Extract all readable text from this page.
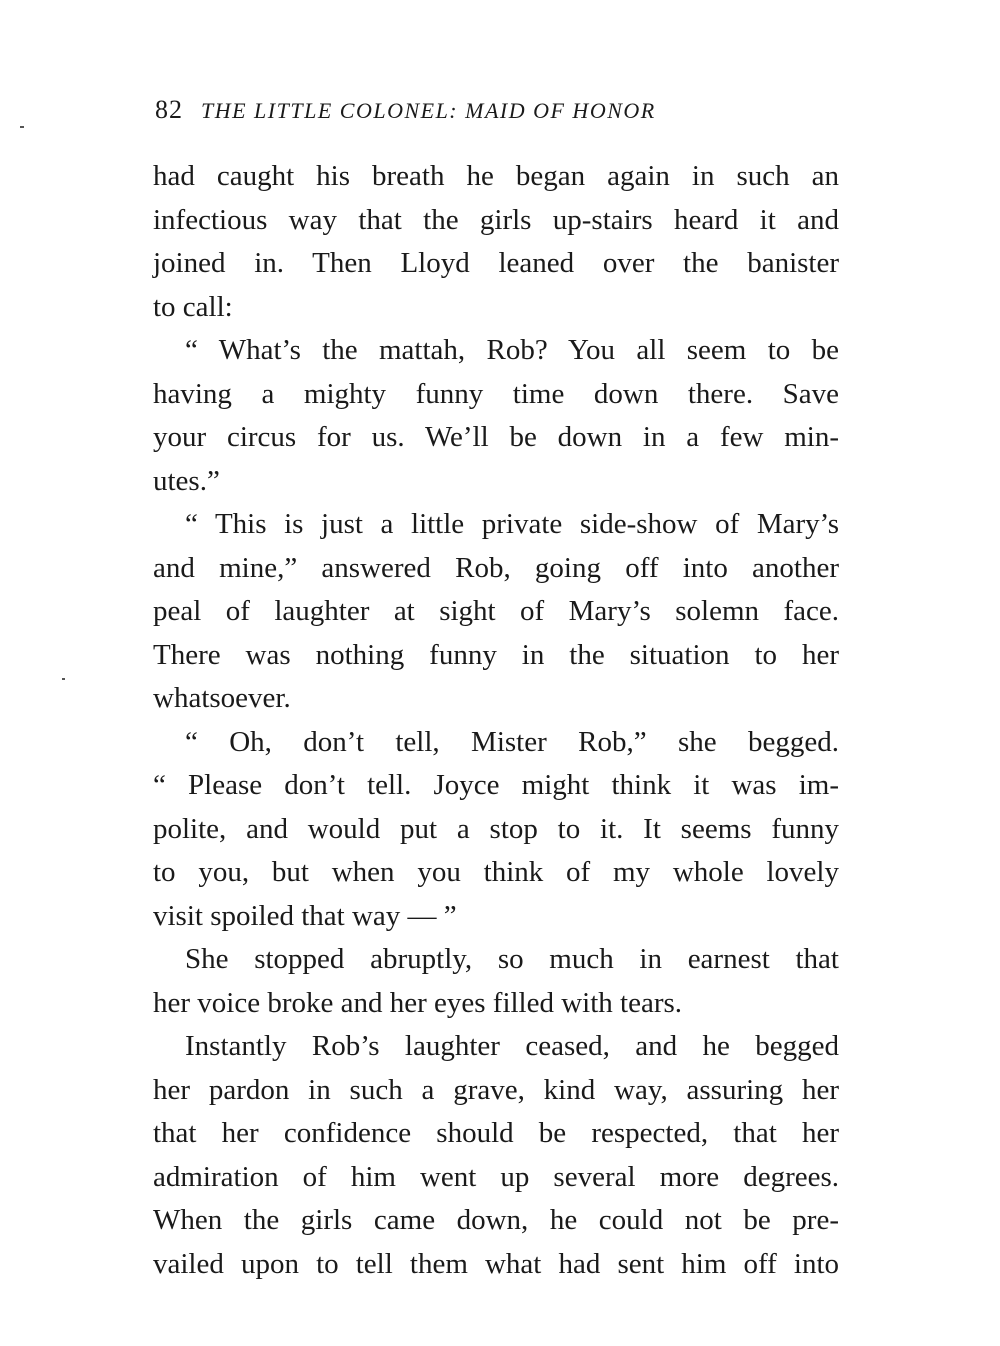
82 THE LITTLE COLONEL: MAID OF HONOR
had caught his breath he began again in such an
infectious way that the girls up-stairs heard it and
joined in. Then Lloyd leaned over the banister
to call:
“ What’s the mattah, Rob? You all seem to be
having a mighty funny time down there. Save
your circus for us. We’ll be down in a few min-
utes.”
“ This is just a little private side-show of Mary’s
and mine,” answered Rob, going off into another
peal of laughter at sight of Mary’s solemn face.
There was nothing funny in the situation to her
whatsoever.
“ Oh, don’t tell, Mister Rob,” she begged.
“ Please don’t tell. Joyce might think it was im-
polite, and would put a stop to it. It seems funny
to you, but when you think of my whole lovely
visit spoiled that way — ”
She stopped abruptly, so much in earnest that
her voice broke and her eyes filled with tears.
Instantly Rob’s laughter ceased, and he begged
her pardon in such a grave, kind way, assuring her
that her confidence should be respected, that her
admiration of him went up several more degrees.
When the girls came down, he could not be pre-
vailed upon to tell them what had sent him off into
